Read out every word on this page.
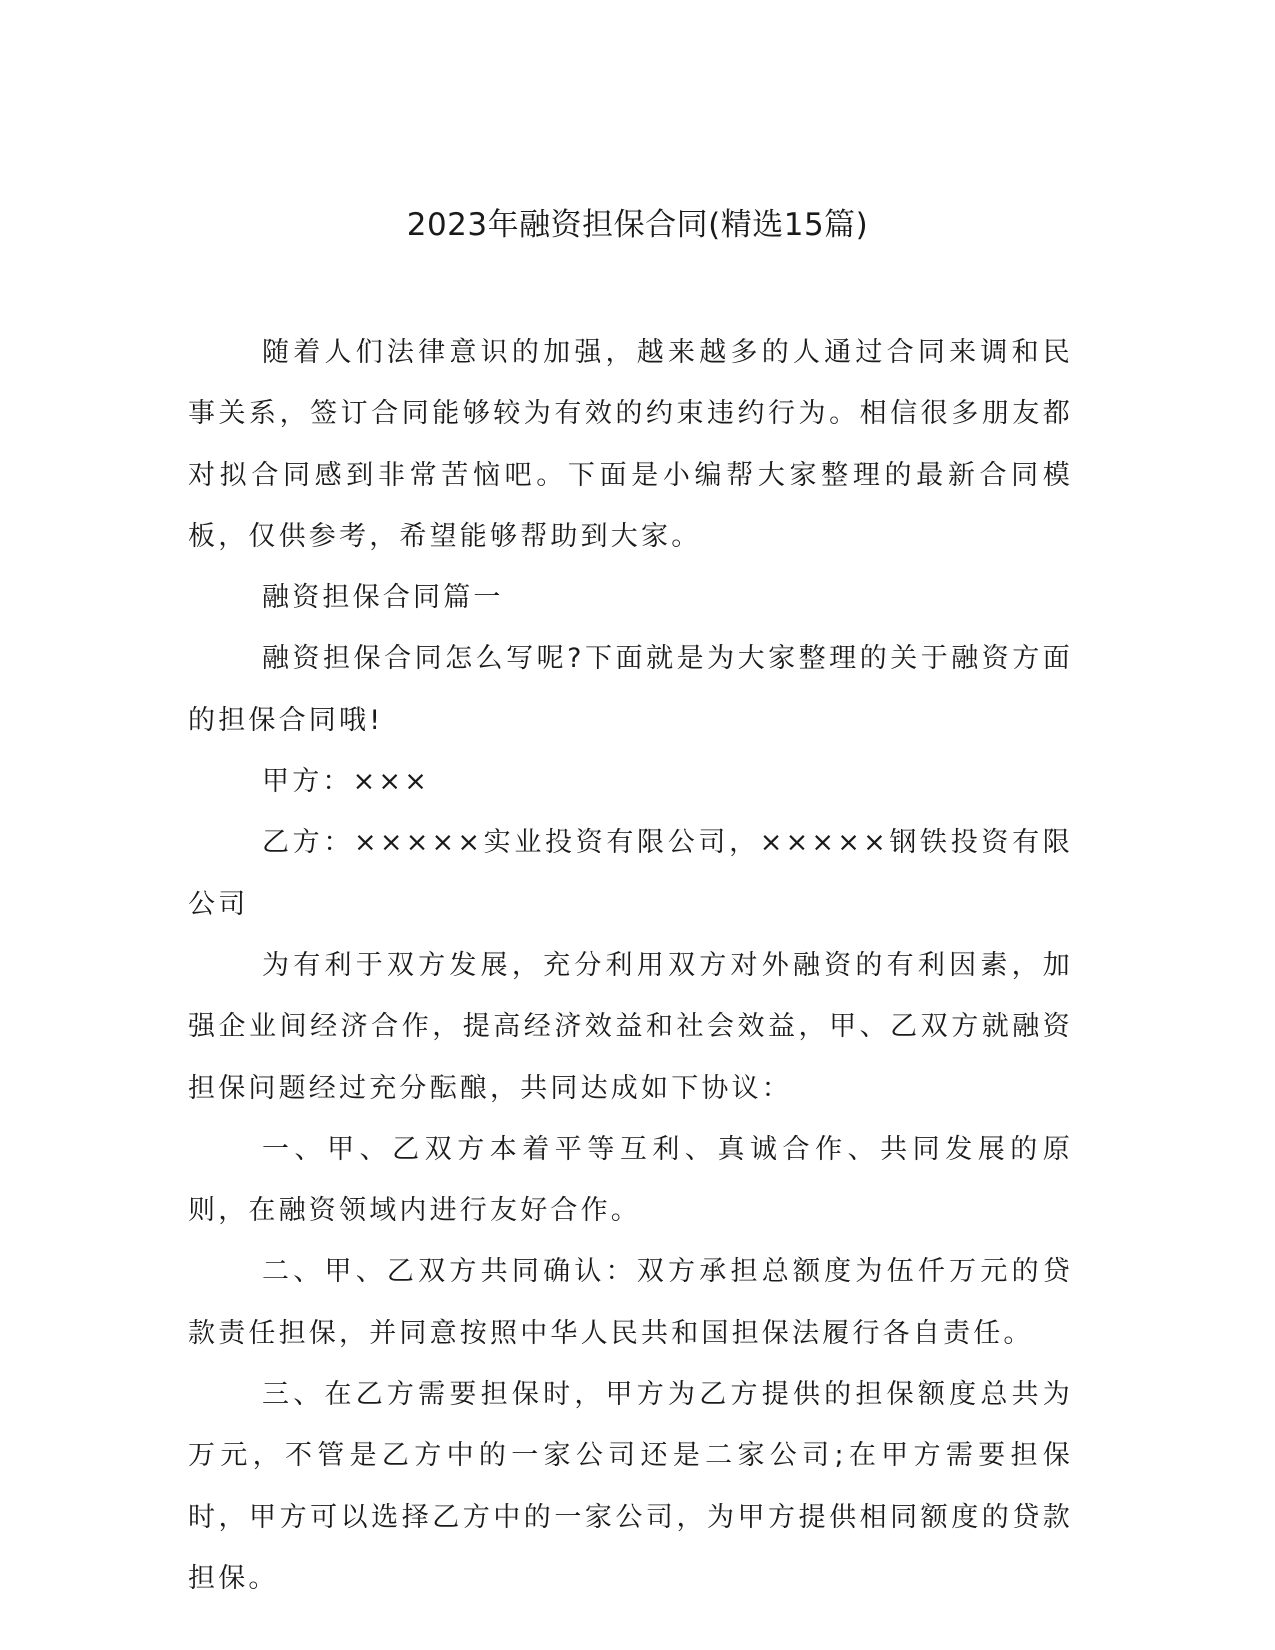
2023年融资担保合同(精选15篇)

随着人们法律意识的加强，越来越多的人通过合同来调和民事关系，签订合同能够较为有效的约束违约行为。相信很多朋友都对拟合同感到非常苦恼吧。下面是小编帮大家整理的最新合同模板，仅供参考，希望能够帮助到大家。

融资担保合同篇一

融资担保合同怎么写呢?下面就是为大家整理的关于融资方面的担保合同哦!

甲方：×××

乙方：×××××实业投资有限公司，×××××钢铁投资有限公司

为有利于双方发展，充分利用双方对外融资的有利因素，加强企业间经济合作，提高经济效益和社会效益，甲、乙双方就融资担保问题经过充分酝酿，共同达成如下协议：

一、甲、乙双方本着平等互利、真诚合作、共同发展的原则，在融资领域内进行友好合作。

二、甲、乙双方共同确认：双方承担总额度为伍仟万元的贷款责任担保，并同意按照中华人民共和国担保法履行各自责任。

三、在乙方需要担保时，甲方为乙方提供的担保额度总共为万元，不管是乙方中的一家公司还是二家公司;在甲方需要担保时，甲方可以选择乙方中的一家公司，为甲方提供相同额度的贷款担保。
